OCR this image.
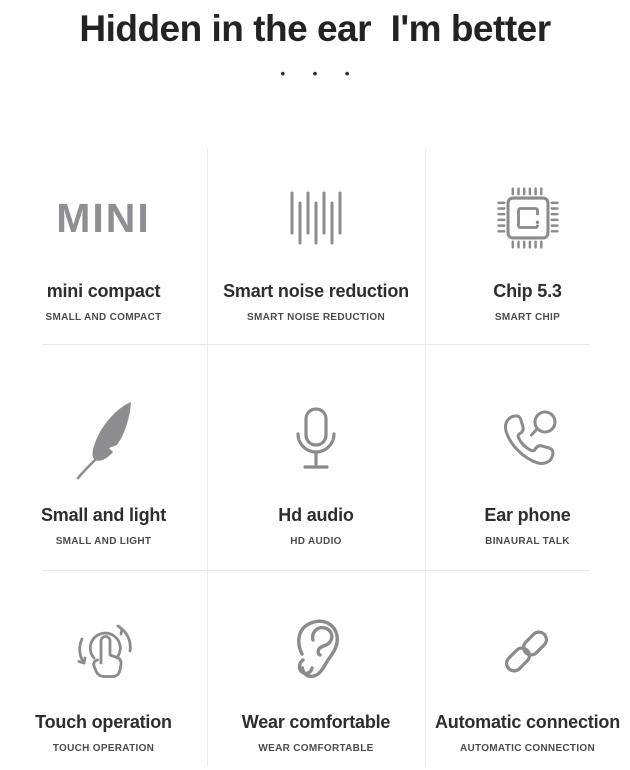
Hidden in the ear  I'm better
• • •
MINI
mini compact
SMALL AND COMPACT
Smart noise reduction
SMART NOISE REDUCTION
Chip 5.3
SMART CHIP
Small and light
SMALL AND LIGHT
Hd audio
HD AUDIO
Ear phone
BINAURAL TALK
Touch operation
TOUCH OPERATION
Wear comfortable
WEAR COMFORTABLE
Automatic connection
AUTOMATIC CONNECTION
